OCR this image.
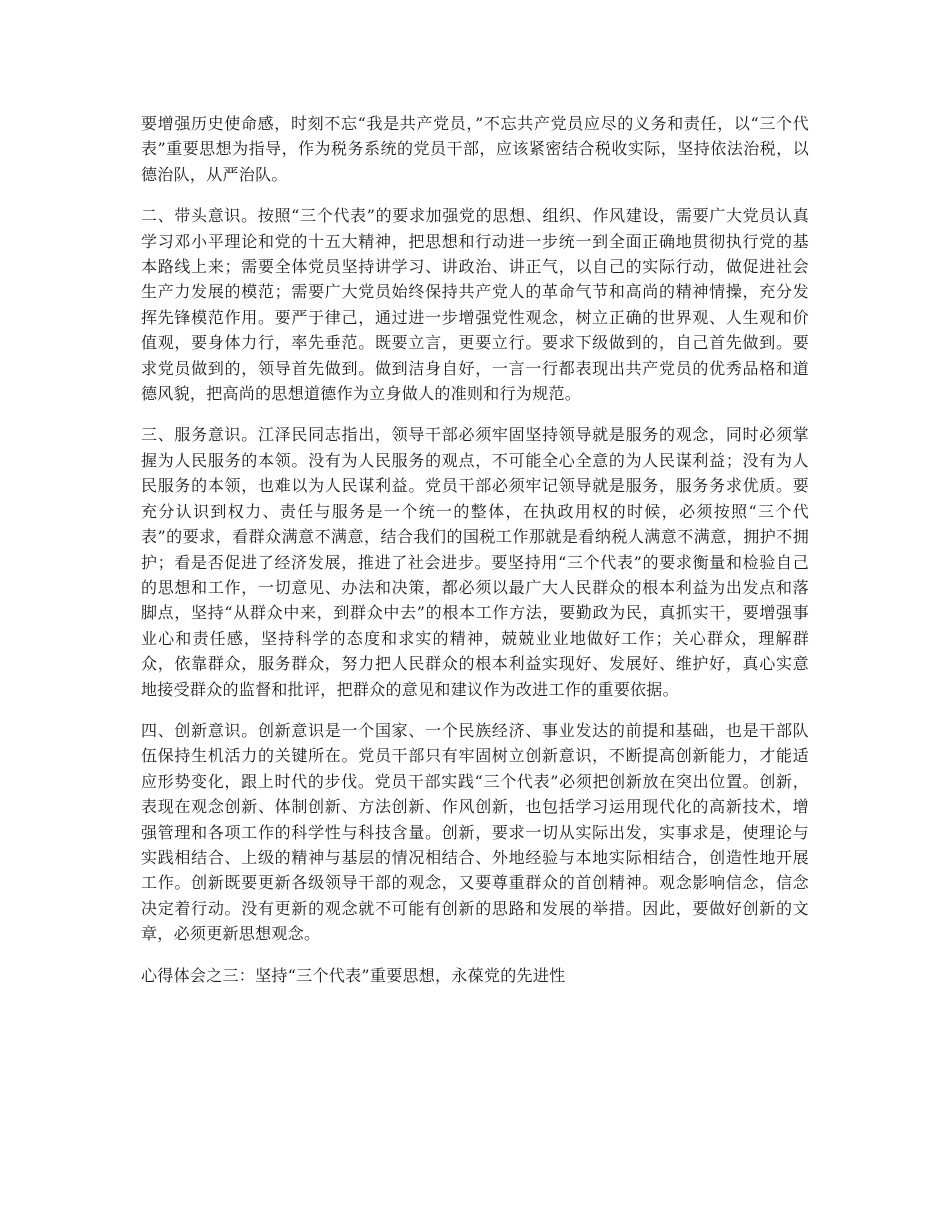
要增强历史使命感，时刻不忘“我是共产党员，”不忘共产党员应尽的义务和责任，以“三个代表”重要思想为指导，作为税务系统的党员干部，应该紧密结合税收实际，坚持依法治税，以德治队，从严治队。

二、带头意识。按照“三个代表”的要求加强党的思想、组织、作风建设，需要广大党员认真学习邓小平理论和党的十五大精神，把思想和行动进一步统一到全面正确地贯彻执行党的基本路线上来；需要全体党员坚持讲学习、讲政治、讲正气，以自己的实际行动，做促进社会生产力发展的模范；需要广大党员始终保持共产党人的革命气节和高尚的精神情操，充分发挥先锋模范作用。要严于律己，通过进一步增强党性观念，树立正确的世界观、人生观和价值观，要身体力行，率先垂范。既要立言，更要立行。要求下级做到的，自己首先做到。要求党员做到的，领导首先做到。做到洁身自好，一言一行都表现出共产党员的优秀品格和道德风貌，把高尚的思想道德作为立身做人的准则和行为规范。

三、服务意识。江泽民同志指出，领导干部必须牢固坚持领导就是服务的观念，同时必须掌握为人民服务的本领。没有为人民服务的观点，不可能全心全意的为人民谋利益；没有为人民服务的本领，也难以为人民谋利益。党员干部必须牢记领导就是服务，服务务求优质。要充分认识到权力、责任与服务是一个统一的整体，在执政用权的时候，必须按照“三个代表”的要求，看群众满意不满意，结合我们的国税工作那就是看纳税人满意不满意，拥护不拥护；看是否促进了经济发展，推进了社会进步。要坚持用“三个代表”的要求衡量和检验自己的思想和工作，一切意见、办法和决策，都必须以最广大人民群众的根本利益为出发点和落脚点，坚持“从群众中来，到群众中去”的根本工作方法，要勤政为民，真抓实干，要增强事业心和责任感，坚持科学的态度和求实的精神，兢兢业业地做好工作；关心群众，理解群众，依靠群众，服务群众，努力把人民群众的根本利益实现好、发展好、维护好，真心实意地接受群众的监督和批评，把群众的意见和建议作为改进工作的重要依据。

四、创新意识。创新意识是一个国家、一个民族经济、事业发达的前提和基础，也是干部队伍保持生机活力的关键所在。党员干部只有牢固树立创新意识，不断提高创新能力，才能适应形势变化，跟上时代的步伐。党员干部实践“三个代表”必须把创新放在突出位置。创新，表现在观念创新、体制创新、方法创新、作风创新，也包括学习运用现代化的高新技术，增强管理和各项工作的科学性与科技含量。创新，要求一切从实际出发，实事求是，使理论与实践相结合、上级的精神与基层的情况相结合、外地经验与本地实际相结合，创造性地开展工作。创新既要更新各级领导干部的观念，又要尊重群众的首创精神。观念影响信念，信念决定着行动。没有更新的观念就不可能有创新的思路和发展的举措。因此，要做好创新的文章，必须更新思想观念。

心得体会之三：坚持“三个代表”重要思想，永葆党的先进性
